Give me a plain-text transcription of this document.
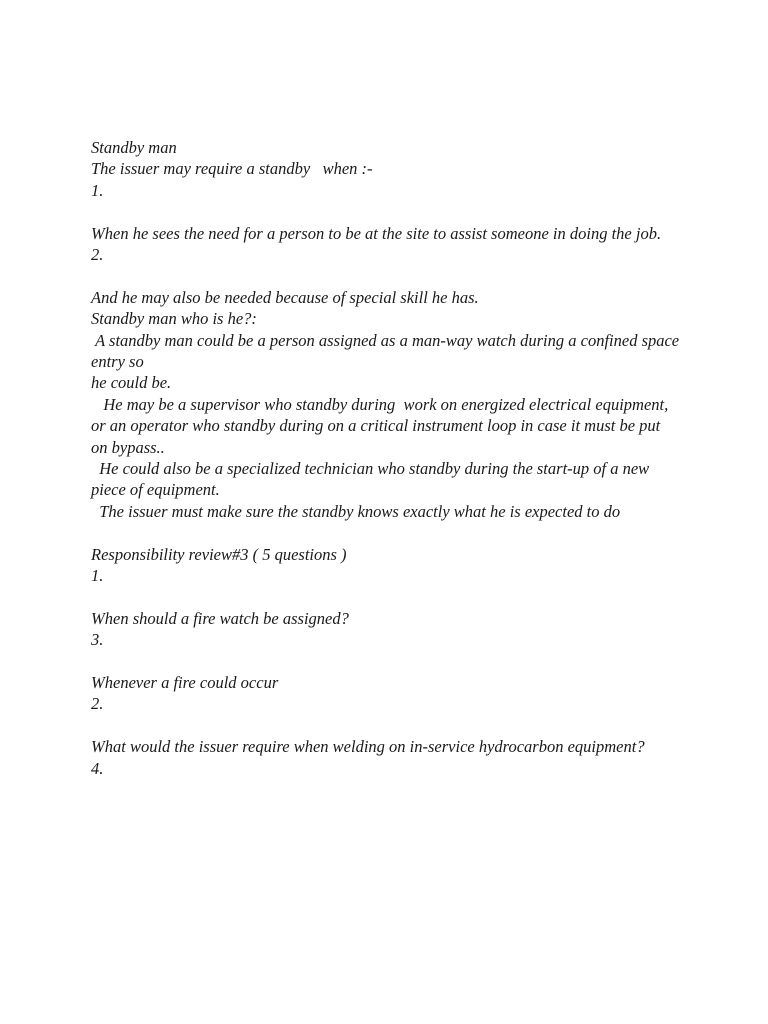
Standby man
The issuer may require a standby   when :-
1.
When he sees the need for a person to be at the site to assist someone in doing the job.
2.
And he may also be needed because of special skill he has.
Standby man who is he?:
A standby man could be a person assigned as a man-way watch during a confined space entry so
he could be.
He may be a supervisor who standby during  work on energized electrical equipment,
or an operator who standby during on a critical instrument loop in case it must be put
on bypass..
He could also be a specialized technician who standby during the start-up of a new
piece of equipment.
The issuer must make sure the standby knows exactly what he is expected to do
Responsibility review#3 ( 5 questions )
1.
When should a fire watch be assigned?
3.
Whenever a fire could occur
2.
What would the issuer require when welding on in-service hydrocarbon equipment?
4.
